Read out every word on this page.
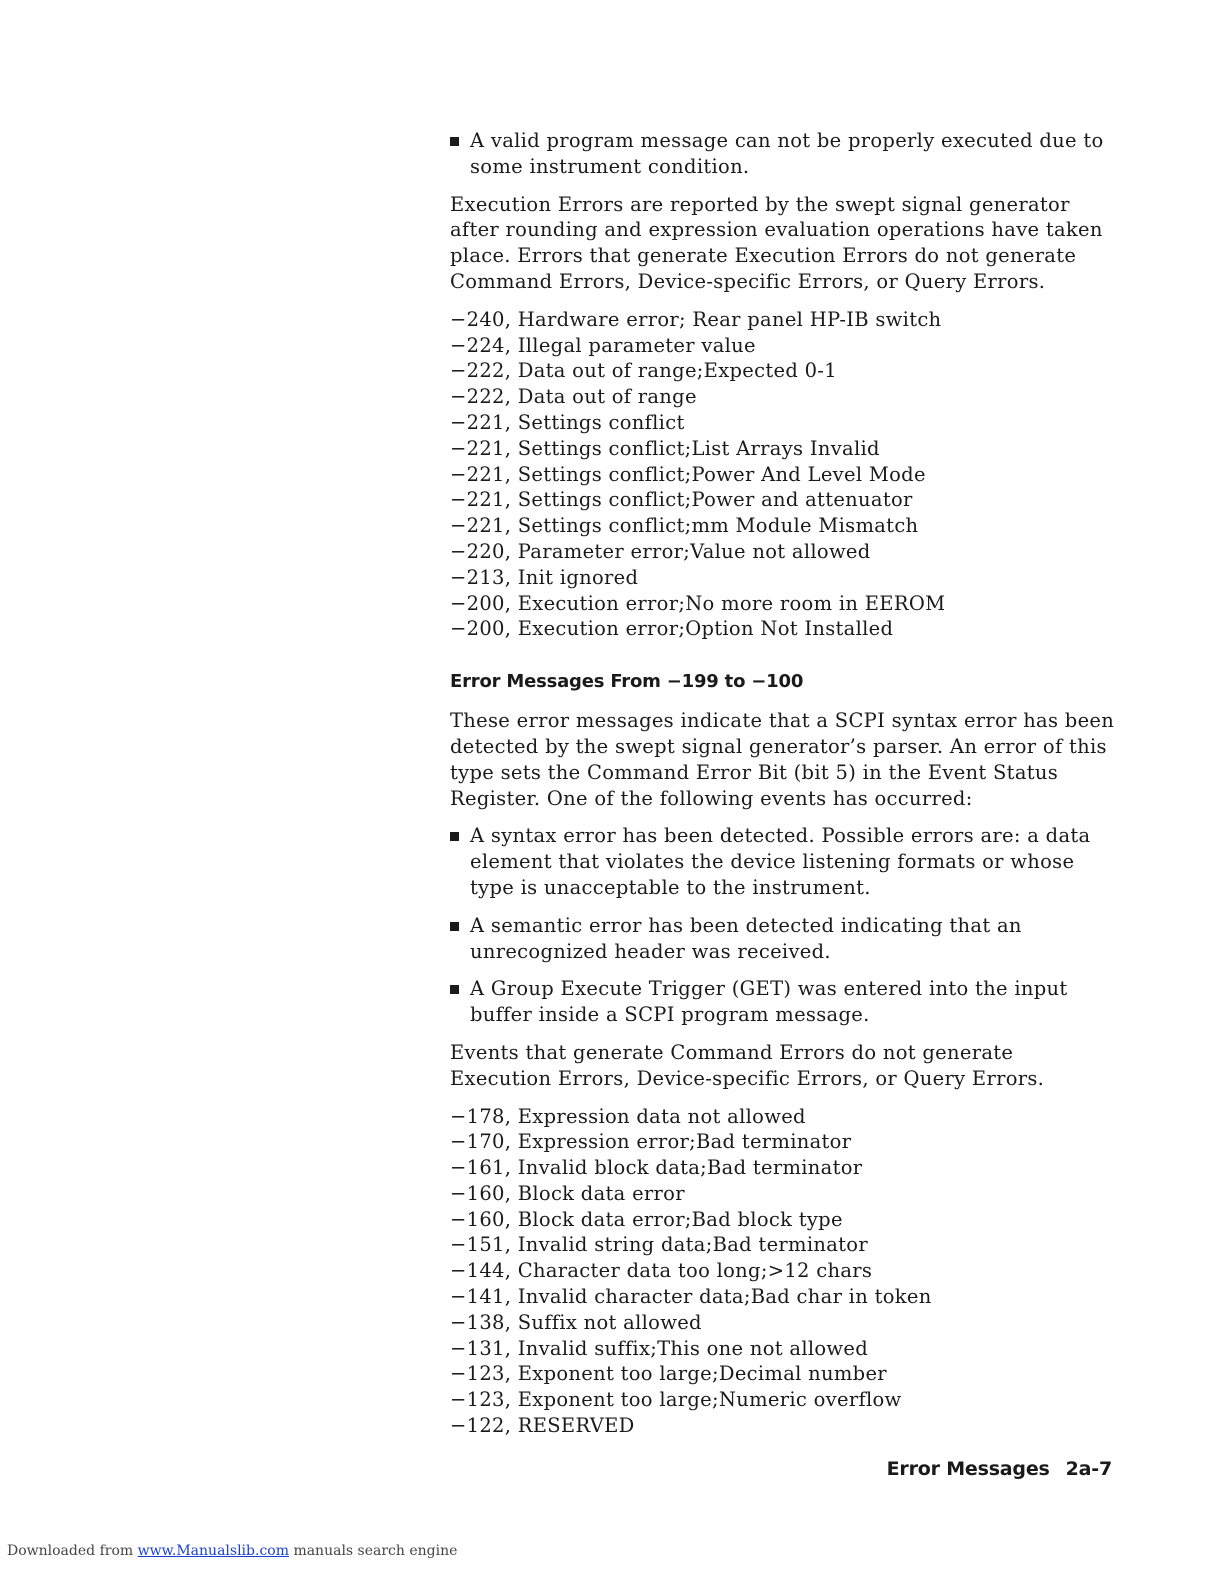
A valid program message can not be properly executed due to some instrument condition.

Execution Errors are reported by the swept signal generator after rounding and expression evaluation operations have taken place. Errors that generate Execution Errors do not generate Command Errors, Device-specific Errors, or Query Errors.

−240, Hardware error; Rear panel HP-IB switch
−224, Illegal parameter value
−222, Data out of range;Expected 0-1
−222, Data out of range
−221, Settings conflict
−221, Settings conflict;List Arrays Invalid
−221, Settings conflict;Power And Level Mode
−221, Settings conflict;Power and attenuator
−221, Settings conflict;mm Module Mismatch
−220, Parameter error;Value not allowed
−213, Init ignored
−200, Execution error;No more room in EEROM
−200, Execution error;Option Not Installed
Error Messages From −199 to −100

These error messages indicate that a SCPI syntax error has been detected by the swept signal generator’s parser. An error of this type sets the Command Error Bit (bit 5) in the Event Status Register. One of the following events has occurred:

A syntax error has been detected. Possible errors are: a data element that violates the device listening formats or whose type is unacceptable to the instrument.
A semantic error has been detected indicating that an unrecognized header was received.
A Group Execute Trigger (GET) was entered into the input buffer inside a SCPI program message.

Events that generate Command Errors do not generate Execution Errors, Device-specific Errors, or Query Errors.

−178, Expression data not allowed
−170, Expression error;Bad terminator
−161, Invalid block data;Bad terminator
−160, Block data error
−160, Block data error;Bad block type
−151, Invalid string data;Bad terminator
−144, Character data too long;>12 chars
−141, Invalid character data;Bad char in token
−138, Suffix not allowed
−131, Invalid suffix;This one not allowed
−123, Exponent too large;Decimal number
−123, Exponent too large;Numeric overflow
−122, RESERVED
Error Messages 2a-7
Downloaded from www.Manualslib.com manuals search engine
